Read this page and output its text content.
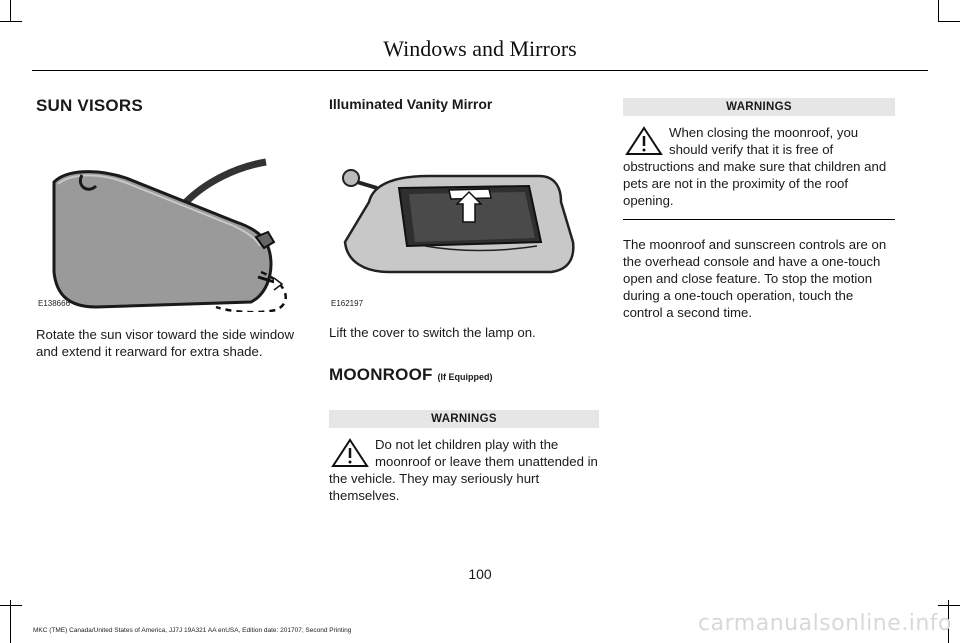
Windows and Mirrors
SUN VISORS
E138666

Rotate the sun visor toward the side window and extend it rearward for extra shade.

Illuminated Vanity Mirror
E162197

Lift the cover to switch the lamp on.

MOONROOF (If Equipped)
WARNINGS
Do not let children play with the moonroof or leave them unattended in the vehicle. They may seriously hurt themselves.
WARNINGS
When closing the moonroof, you should verify that it is free of obstructions and make sure that children and pets are not in the proximity of the roof opening.

The moonroof and sunscreen controls are on the overhead console and have a one-touch open and close feature. To stop the motion during a one-touch operation, touch the control a second time.

100
MKC (TME) Canada/United States of America, JJ7J 19A321 AA enUSA, Edition date: 201707, Second Printing	carmanualsonline.info
